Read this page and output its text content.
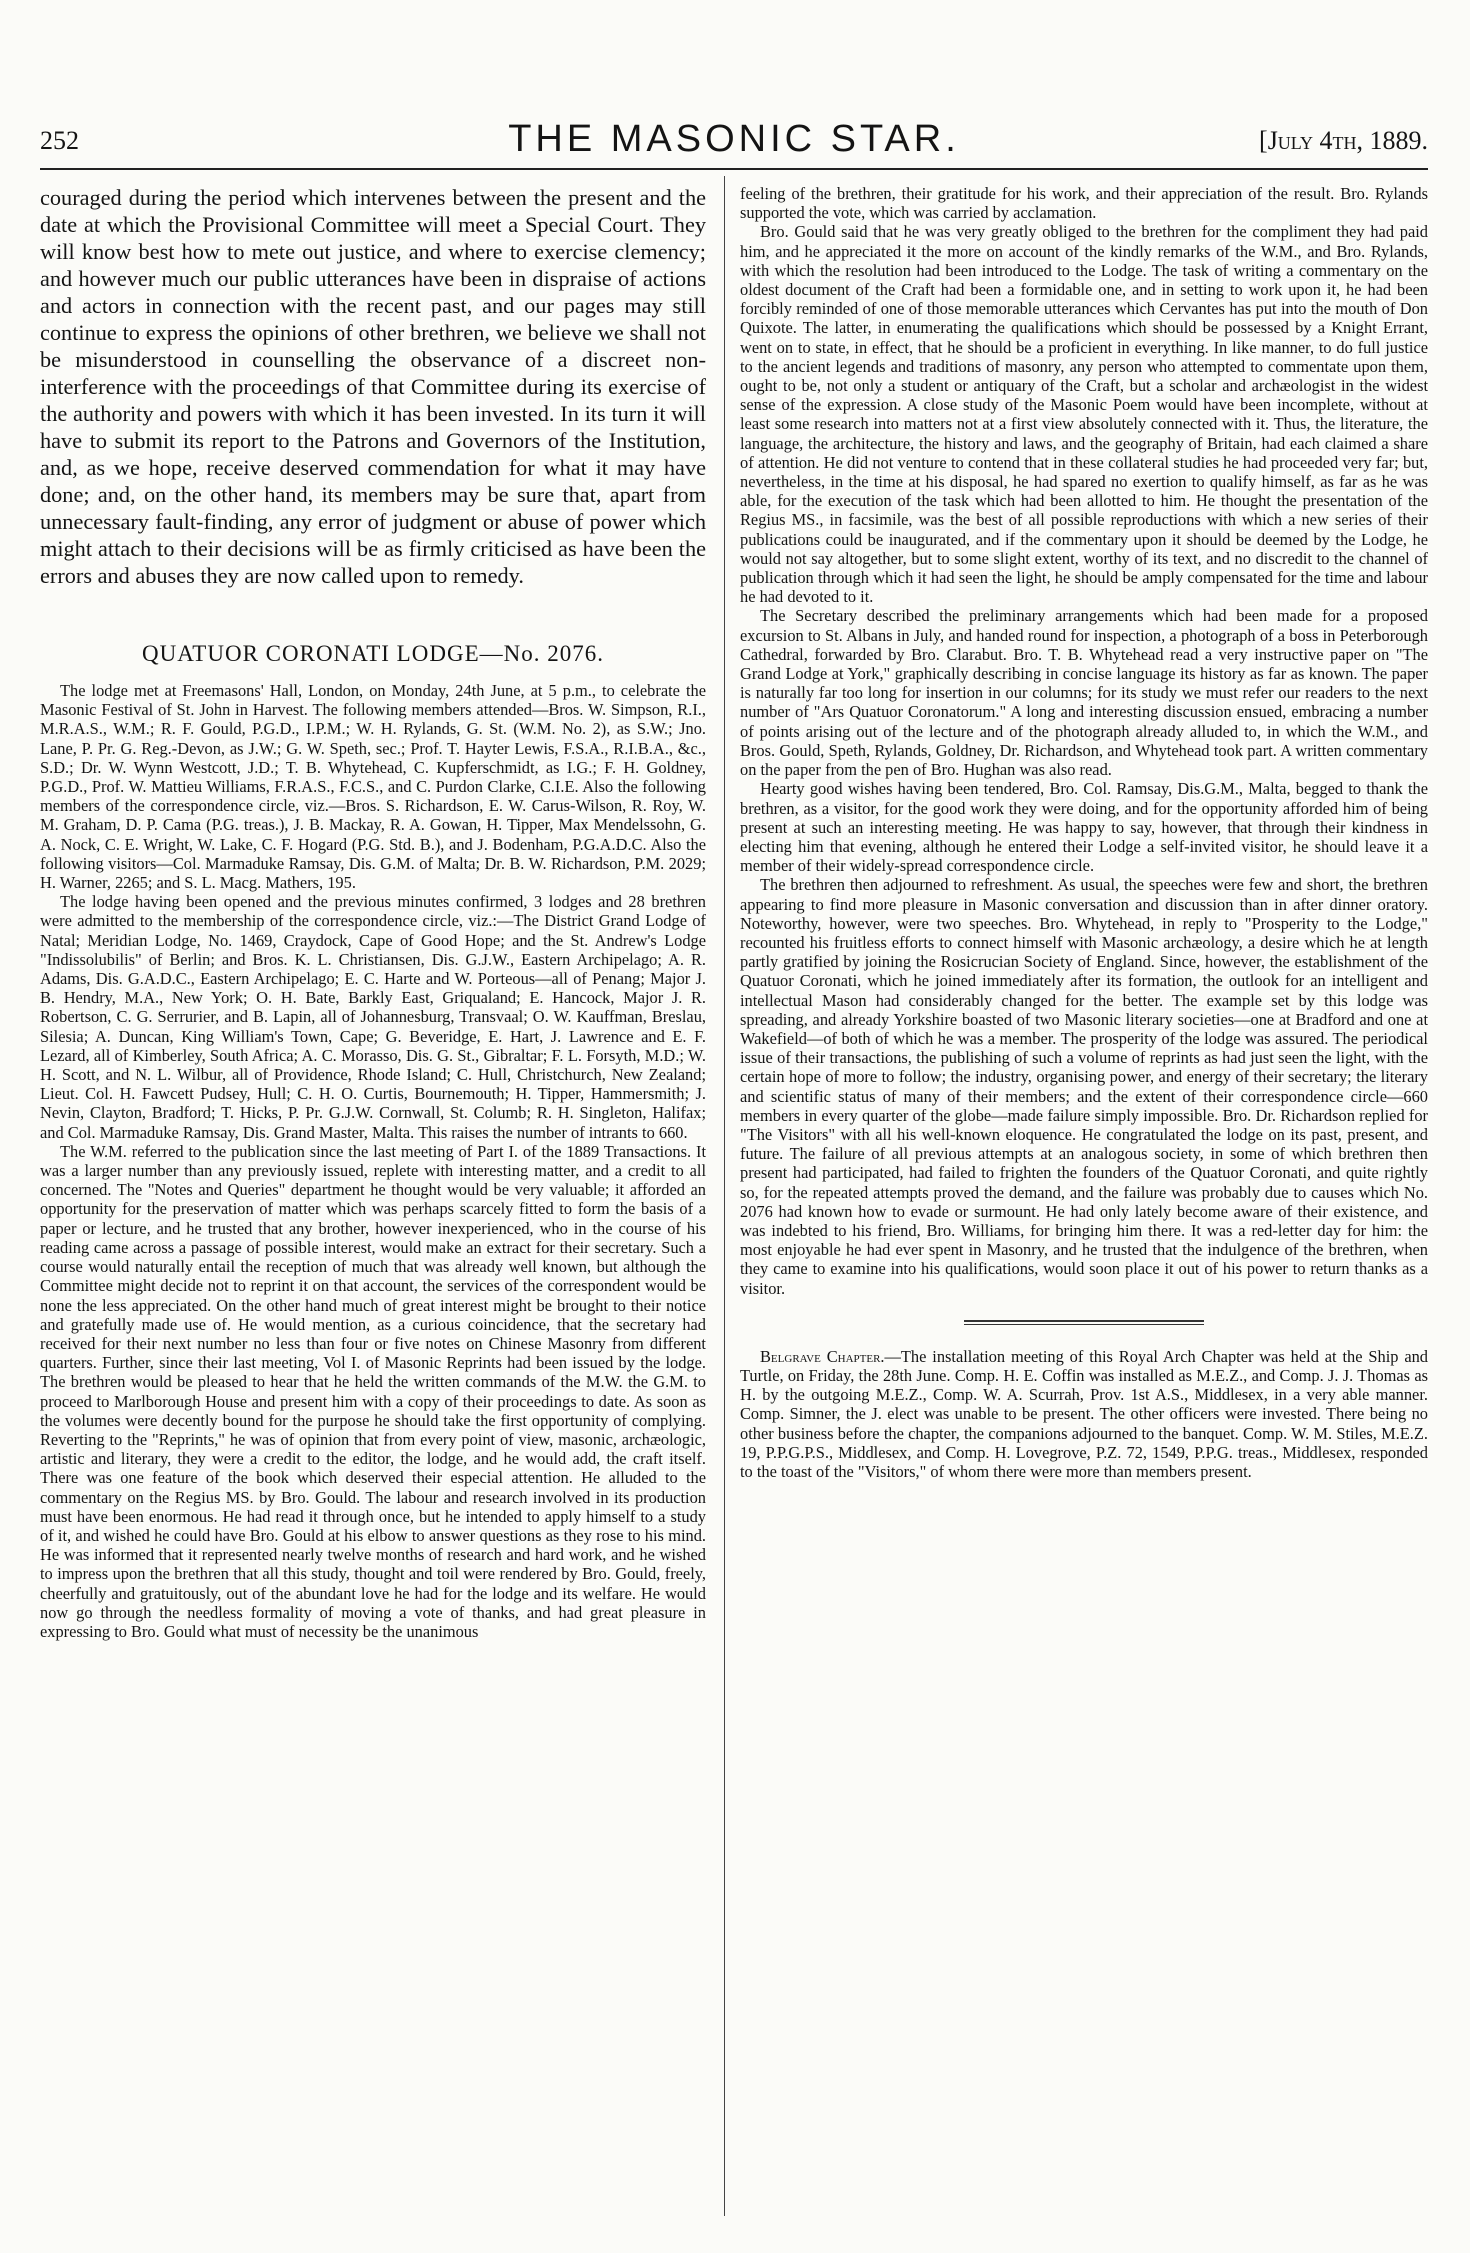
252	THE MASONIC STAR.	[July 4th, 1889.

couraged during the period which intervenes between the present and the date at which the Provisional Committee will meet a Special Court. They will know best how to mete out justice, and where to exercise clemency; and however much our public utterances have been in dispraise of actions and actors in connection with the recent past, and our pages may still continue to express the opinions of other brethren, we believe we shall not be misunderstood in counselling the observance of a discreet non-interference with the proceedings of that Committee during its exercise of the authority and powers with which it has been invested. In its turn it will have to submit its report to the Patrons and Governors of the Institution, and, as we hope, receive deserved commendation for what it may have done; and, on the other hand, its members may be sure that, apart from unnecessary fault-finding, any error of judgment or abuse of power which might attach to their decisions will be as firmly criticised as have been the errors and abuses they are now called upon to remedy.

QUATUOR CORONATI LODGE—No. 2076.

The lodge met at Freemasons' Hall, London, on Monday, 24th June, at 5 p.m., to celebrate the Masonic Festival of St. John in Harvest. The following members attended—Bros. W. Simpson, R.I., M.R.A.S., W.M.; R. F. Gould, P.G.D., I.P.M.; W. H. Rylands, G. St. (W.M. No. 2), as S.W.; Jno. Lane, P. Pr. G. Reg.-Devon, as J.W.; G. W. Speth, sec.; Prof. T. Hayter Lewis, F.S.A., R.I.B.A., &c., S.D.; Dr. W. Wynn Westcott, J.D.; T. B. Whytehead, C. Kupferschmidt, as I.G.; F. H. Goldney, P.G.D., Prof. W. Mattieu Williams, F.R.A.S., F.C.S., and C. Purdon Clarke, C.I.E. Also the following members of the correspondence circle, viz.—Bros. S. Richardson, E. W. Carus-Wilson, R. Roy, W. M. Graham, D. P. Cama (P.G. treas.), J. B. Mackay, R. A. Gowan, H. Tipper, Max Mendelssohn, G. A. Nock, C. E. Wright, W. Lake, C. F. Hogard (P.G. Std. B.), and J. Bodenham, P.G.A.D.C. Also the following visitors—Col. Marmaduke Ramsay, Dis. G.M. of Malta; Dr. B. W. Richardson, P.M. 2029; H. Warner, 2265; and S. L. Macg. Mathers, 195.

The lodge having been opened and the previous minutes confirmed, 3 lodges and 28 brethren were admitted to the membership of the correspondence circle, viz.:—The District Grand Lodge of Natal; Meridian Lodge, No. 1469, Craydock, Cape of Good Hope; and the St. Andrew's Lodge "Indissolubilis" of Berlin; and Bros. K. L. Christiansen, Dis. G.J.W., Eastern Archipelago; A. R. Adams, Dis. G.A.D.C., Eastern Archipelago; E. C. Harte and W. Porteous—all of Penang; Major J. B. Hendry, M.A., New York; O. H. Bate, Barkly East, Griqualand; E. Hancock, Major J. R. Robertson, C. G. Serrurier, and B. Lapin, all of Johannesburg, Transvaal; O. W. Kauffman, Breslau, Silesia; A. Duncan, King William's Town, Cape; G. Beveridge, E. Hart, J. Lawrence and E. F. Lezard, all of Kimberley, South Africa; A. C. Morasso, Dis. G. St., Gibraltar; F. L. Forsyth, M.D.; W. H. Scott, and N. L. Wilbur, all of Providence, Rhode Island; C. Hull, Christchurch, New Zealand; Lieut. Col. H. Fawcett Pudsey, Hull; C. H. O. Curtis, Bournemouth; H. Tipper, Hammersmith; J. Nevin, Clayton, Bradford; T. Hicks, P. Pr. G.J.W. Cornwall, St. Columb; R. H. Singleton, Halifax; and Col. Marmaduke Ramsay, Dis. Grand Master, Malta. This raises the number of intrants to 660.

The W.M. referred to the publication since the last meeting of Part I. of the 1889 Transactions. It was a larger number than any previously issued, replete with interesting matter, and a credit to all concerned. The "Notes and Queries" department he thought would be very valuable; it afforded an opportunity for the preservation of matter which was perhaps scarcely fitted to form the basis of a paper or lecture, and he trusted that any brother, however inexperienced, who in the course of his reading came across a passage of possible interest, would make an extract for their secretary. Such a course would naturally entail the reception of much that was already well known, but although the Committee might decide not to reprint it on that account, the services of the correspondent would be none the less appreciated. On the other hand much of great interest might be brought to their notice and gratefully made use of. He would mention, as a curious coincidence, that the secretary had received for their next number no less than four or five notes on Chinese Masonry from different quarters. Further, since their last meeting, Vol I. of Masonic Reprints had been issued by the lodge. The brethren would be pleased to hear that he held the written commands of the M.W. the G.M. to proceed to Marlborough House and present him with a copy of their proceedings to date. As soon as the volumes were decently bound for the purpose he should take the first opportunity of complying. Reverting to the "Reprints," he was of opinion that from every point of view, masonic, archæologic, artistic and literary, they were a credit to the editor, the lodge, and he would add, the craft itself. There was one feature of the book which deserved their especial attention. He alluded to the commentary on the Regius MS. by Bro. Gould. The labour and research involved in its production must have been enormous. He had read it through once, but he intended to apply himself to a study of it, and wished he could have Bro. Gould at his elbow to answer questions as they rose to his mind. He was informed that it represented nearly twelve months of research and hard work, and he wished to impress upon the brethren that all this study, thought and toil were rendered by Bro. Gould, freely, cheerfully and gratuitously, out of the abundant love he had for the lodge and its welfare. He would now go through the needless formality of moving a vote of thanks, and had great pleasure in expressing to Bro. Gould what must of necessity be the unanimous

feeling of the brethren, their gratitude for his work, and their appreciation of the result. Bro. Rylands supported the vote, which was carried by acclamation.

Bro. Gould said that he was very greatly obliged to the brethren for the compliment they had paid him, and he appreciated it the more on account of the kindly remarks of the W.M., and Bro. Rylands, with which the resolution had been introduced to the Lodge. The task of writing a commentary on the oldest document of the Craft had been a formidable one, and in setting to work upon it, he had been forcibly reminded of one of those memorable utterances which Cervantes has put into the mouth of Don Quixote. The latter, in enumerating the qualifications which should be possessed by a Knight Errant, went on to state, in effect, that he should be a proficient in everything. In like manner, to do full justice to the ancient legends and traditions of masonry, any person who attempted to commentate upon them, ought to be, not only a student or antiquary of the Craft, but a scholar and archæologist in the widest sense of the expression. A close study of the Masonic Poem would have been incomplete, without at least some research into matters not at a first view absolutely connected with it. Thus, the literature, the language, the architecture, the history and laws, and the geography of Britain, had each claimed a share of attention. He did not venture to contend that in these collateral studies he had proceeded very far; but, nevertheless, in the time at his disposal, he had spared no exertion to qualify himself, as far as he was able, for the execution of the task which had been allotted to him. He thought the presentation of the Regius MS., in facsimile, was the best of all possible reproductions with which a new series of their publications could be inaugurated, and if the commentary upon it should be deemed by the Lodge, he would not say altogether, but to some slight extent, worthy of its text, and no discredit to the channel of publication through which it had seen the light, he should be amply compensated for the time and labour he had devoted to it.

The Secretary described the preliminary arrangements which had been made for a proposed excursion to St. Albans in July, and handed round for inspection, a photograph of a boss in Peterborough Cathedral, forwarded by Bro. Clarabut. Bro. T. B. Whytehead read a very instructive paper on "The Grand Lodge at York," graphically describing in concise language its history as far as known. The paper is naturally far too long for insertion in our columns; for its study we must refer our readers to the next number of "Ars Quatuor Coronatorum." A long and interesting discussion ensued, embracing a number of points arising out of the lecture and of the photograph already alluded to, in which the W.M., and Bros. Gould, Speth, Rylands, Goldney, Dr. Richardson, and Whytehead took part. A written commentary on the paper from the pen of Bro. Hughan was also read.

Hearty good wishes having been tendered, Bro. Col. Ramsay, Dis.G.M., Malta, begged to thank the brethren, as a visitor, for the good work they were doing, and for the opportunity afforded him of being present at such an interesting meeting. He was happy to say, however, that through their kindness in electing him that evening, although he entered their Lodge a self-invited visitor, he should leave it a member of their widely-spread correspondence circle.

The brethren then adjourned to refreshment. As usual, the speeches were few and short, the brethren appearing to find more pleasure in Masonic conversation and discussion than in after dinner oratory. Noteworthy, however, were two speeches. Bro. Whytehead, in reply to "Prosperity to the Lodge," recounted his fruitless efforts to connect himself with Masonic archæology, a desire which he at length partly gratified by joining the Rosicrucian Society of England. Since, however, the establishment of the Quatuor Coronati, which he joined immediately after its formation, the outlook for an intelligent and intellectual Mason had considerably changed for the better. The example set by this lodge was spreading, and already Yorkshire boasted of two Masonic literary societies—one at Bradford and one at Wakefield—of both of which he was a member. The prosperity of the lodge was assured. The periodical issue of their transactions, the publishing of such a volume of reprints as had just seen the light, with the certain hope of more to follow; the industry, organising power, and energy of their secretary; the literary and scientific status of many of their members; and the extent of their correspondence circle—660 members in every quarter of the globe—made failure simply impossible. Bro. Dr. Richardson replied for "The Visitors" with all his well-known eloquence. He congratulated the lodge on its past, present, and future. The failure of all previous attempts at an analogous society, in some of which brethren then present had participated, had failed to frighten the founders of the Quatuor Coronati, and quite rightly so, for the repeated attempts proved the demand, and the failure was probably due to causes which No. 2076 had known how to evade or surmount. He had only lately become aware of their existence, and was indebted to his friend, Bro. Williams, for bringing him there. It was a red-letter day for him: the most enjoyable he had ever spent in Masonry, and he trusted that the indulgence of the brethren, when they came to examine into his qualifications, would soon place it out of his power to return thanks as a visitor.

Belgrave Chapter.—The installation meeting of this Royal Arch Chapter was held at the Ship and Turtle, on Friday, the 28th June. Comp. H. E. Coffin was installed as M.E.Z., and Comp. J. J. Thomas as H. by the outgoing M.E.Z., Comp. W. A. Scurrah, Prov. 1st A.S., Middlesex, in a very able manner. Comp. Simner, the J. elect was unable to be present. The other officers were invested. There being no other business before the chapter, the companions adjourned to the banquet. Comp. W. M. Stiles, M.E.Z. 19, P.P.G.P.S., Middlesex, and Comp. H. Lovegrove, P.Z. 72, 1549, P.P.G. treas., Middlesex, responded to the toast of the "Visitors," of whom there were more than members present.
